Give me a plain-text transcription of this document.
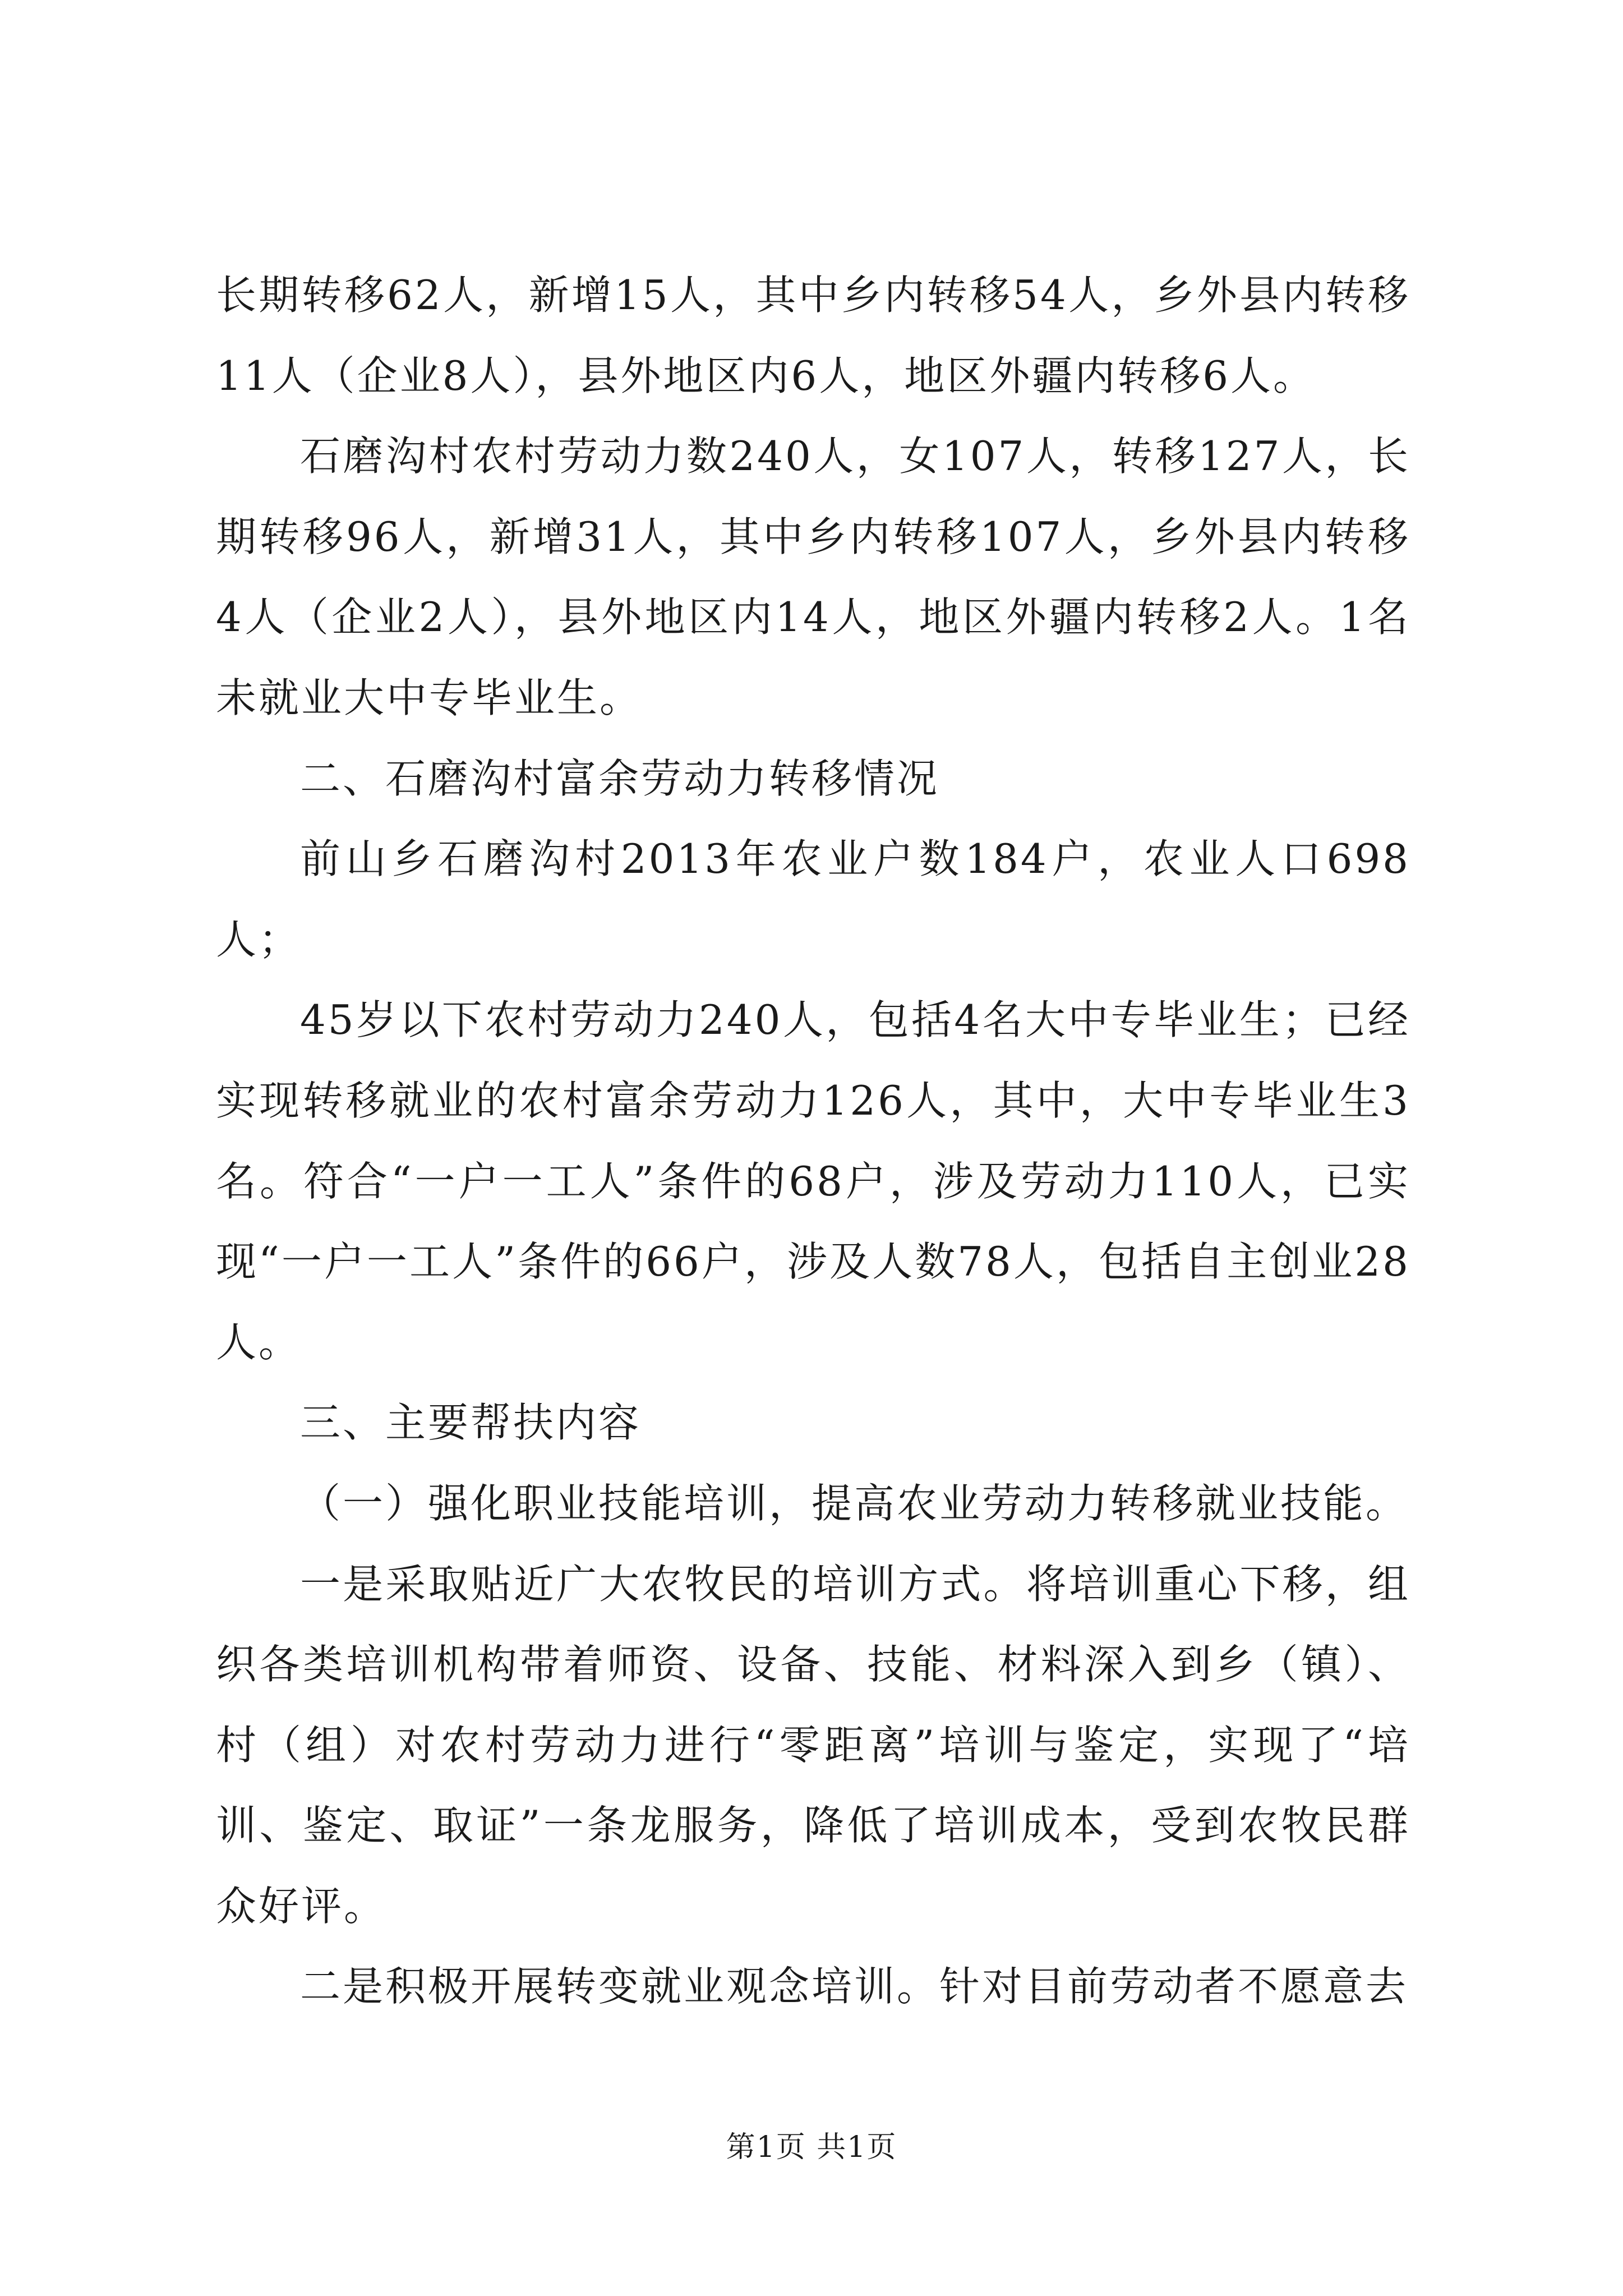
长期转移62人，新增15人，其中乡内转移54人，乡外县内转移11人（企业8人），县外地区内6人，地区外疆内转移6人。

石磨沟村农村劳动力数240人，女107人，转移127人，长期转移96人，新增31人，其中乡内转移107人，乡外县内转移4人（企业2人），县外地区内14人，地区外疆内转移2人。1名未就业大中专毕业生。

二、石磨沟村富余劳动力转移情况

前山乡石磨沟村2013年农业户数184户，农业人口698人；

45岁以下农村劳动力240人，包括4名大中专毕业生；已经实现转移就业的农村富余劳动力126人，其中，大中专毕业生3名。符合“一户一工人”条件的68户，涉及劳动力110人，已实现“一户一工人”条件的66户，涉及人数78人，包括自主创业28人。

三、主要帮扶内容

（一）强化职业技能培训，提高农业劳动力转移就业技能。

一是采取贴近广大农牧民的培训方式。将培训重心下移，组织各类培训机构带着师资、设备、技能、材料深入到乡（镇）、村（组）对农村劳动力进行“零距离”培训与鉴定，实现了“培训、鉴定、取证”一条龙服务，降低了培训成本，受到农牧民群众好评。

二是积极开展转变就业观念培训。针对目前劳动者不愿意去

第1页 共1页
